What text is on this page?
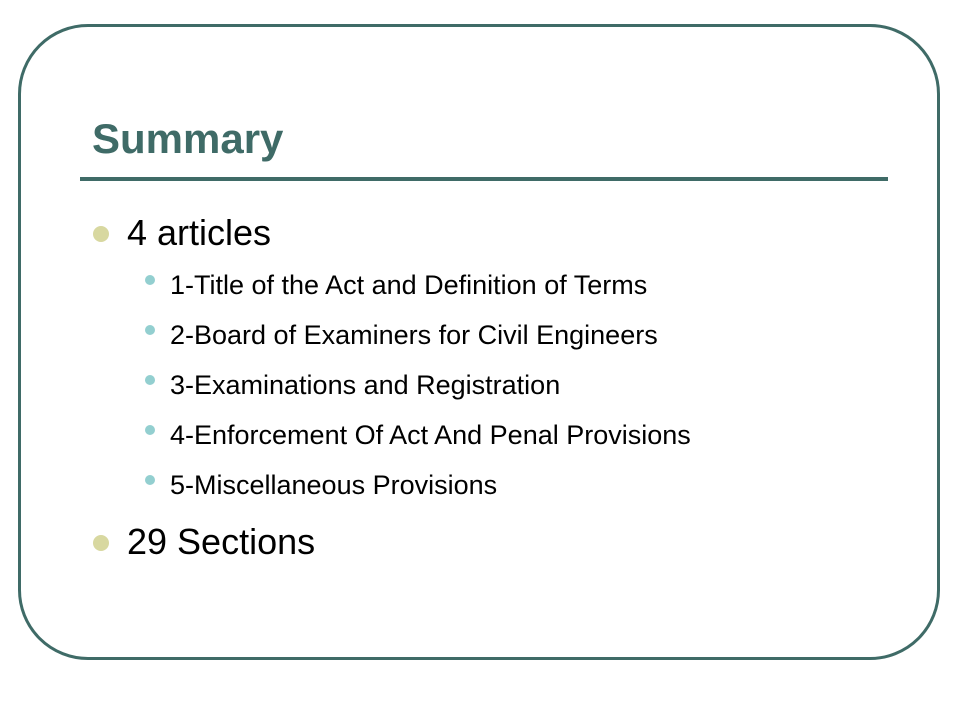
Summary
4 articles
1-Title of the Act and Definition of Terms
2-Board of Examiners for Civil Engineers
3-Examinations and Registration
4-Enforcement Of Act And Penal Provisions
5-Miscellaneous Provisions
29 Sections
